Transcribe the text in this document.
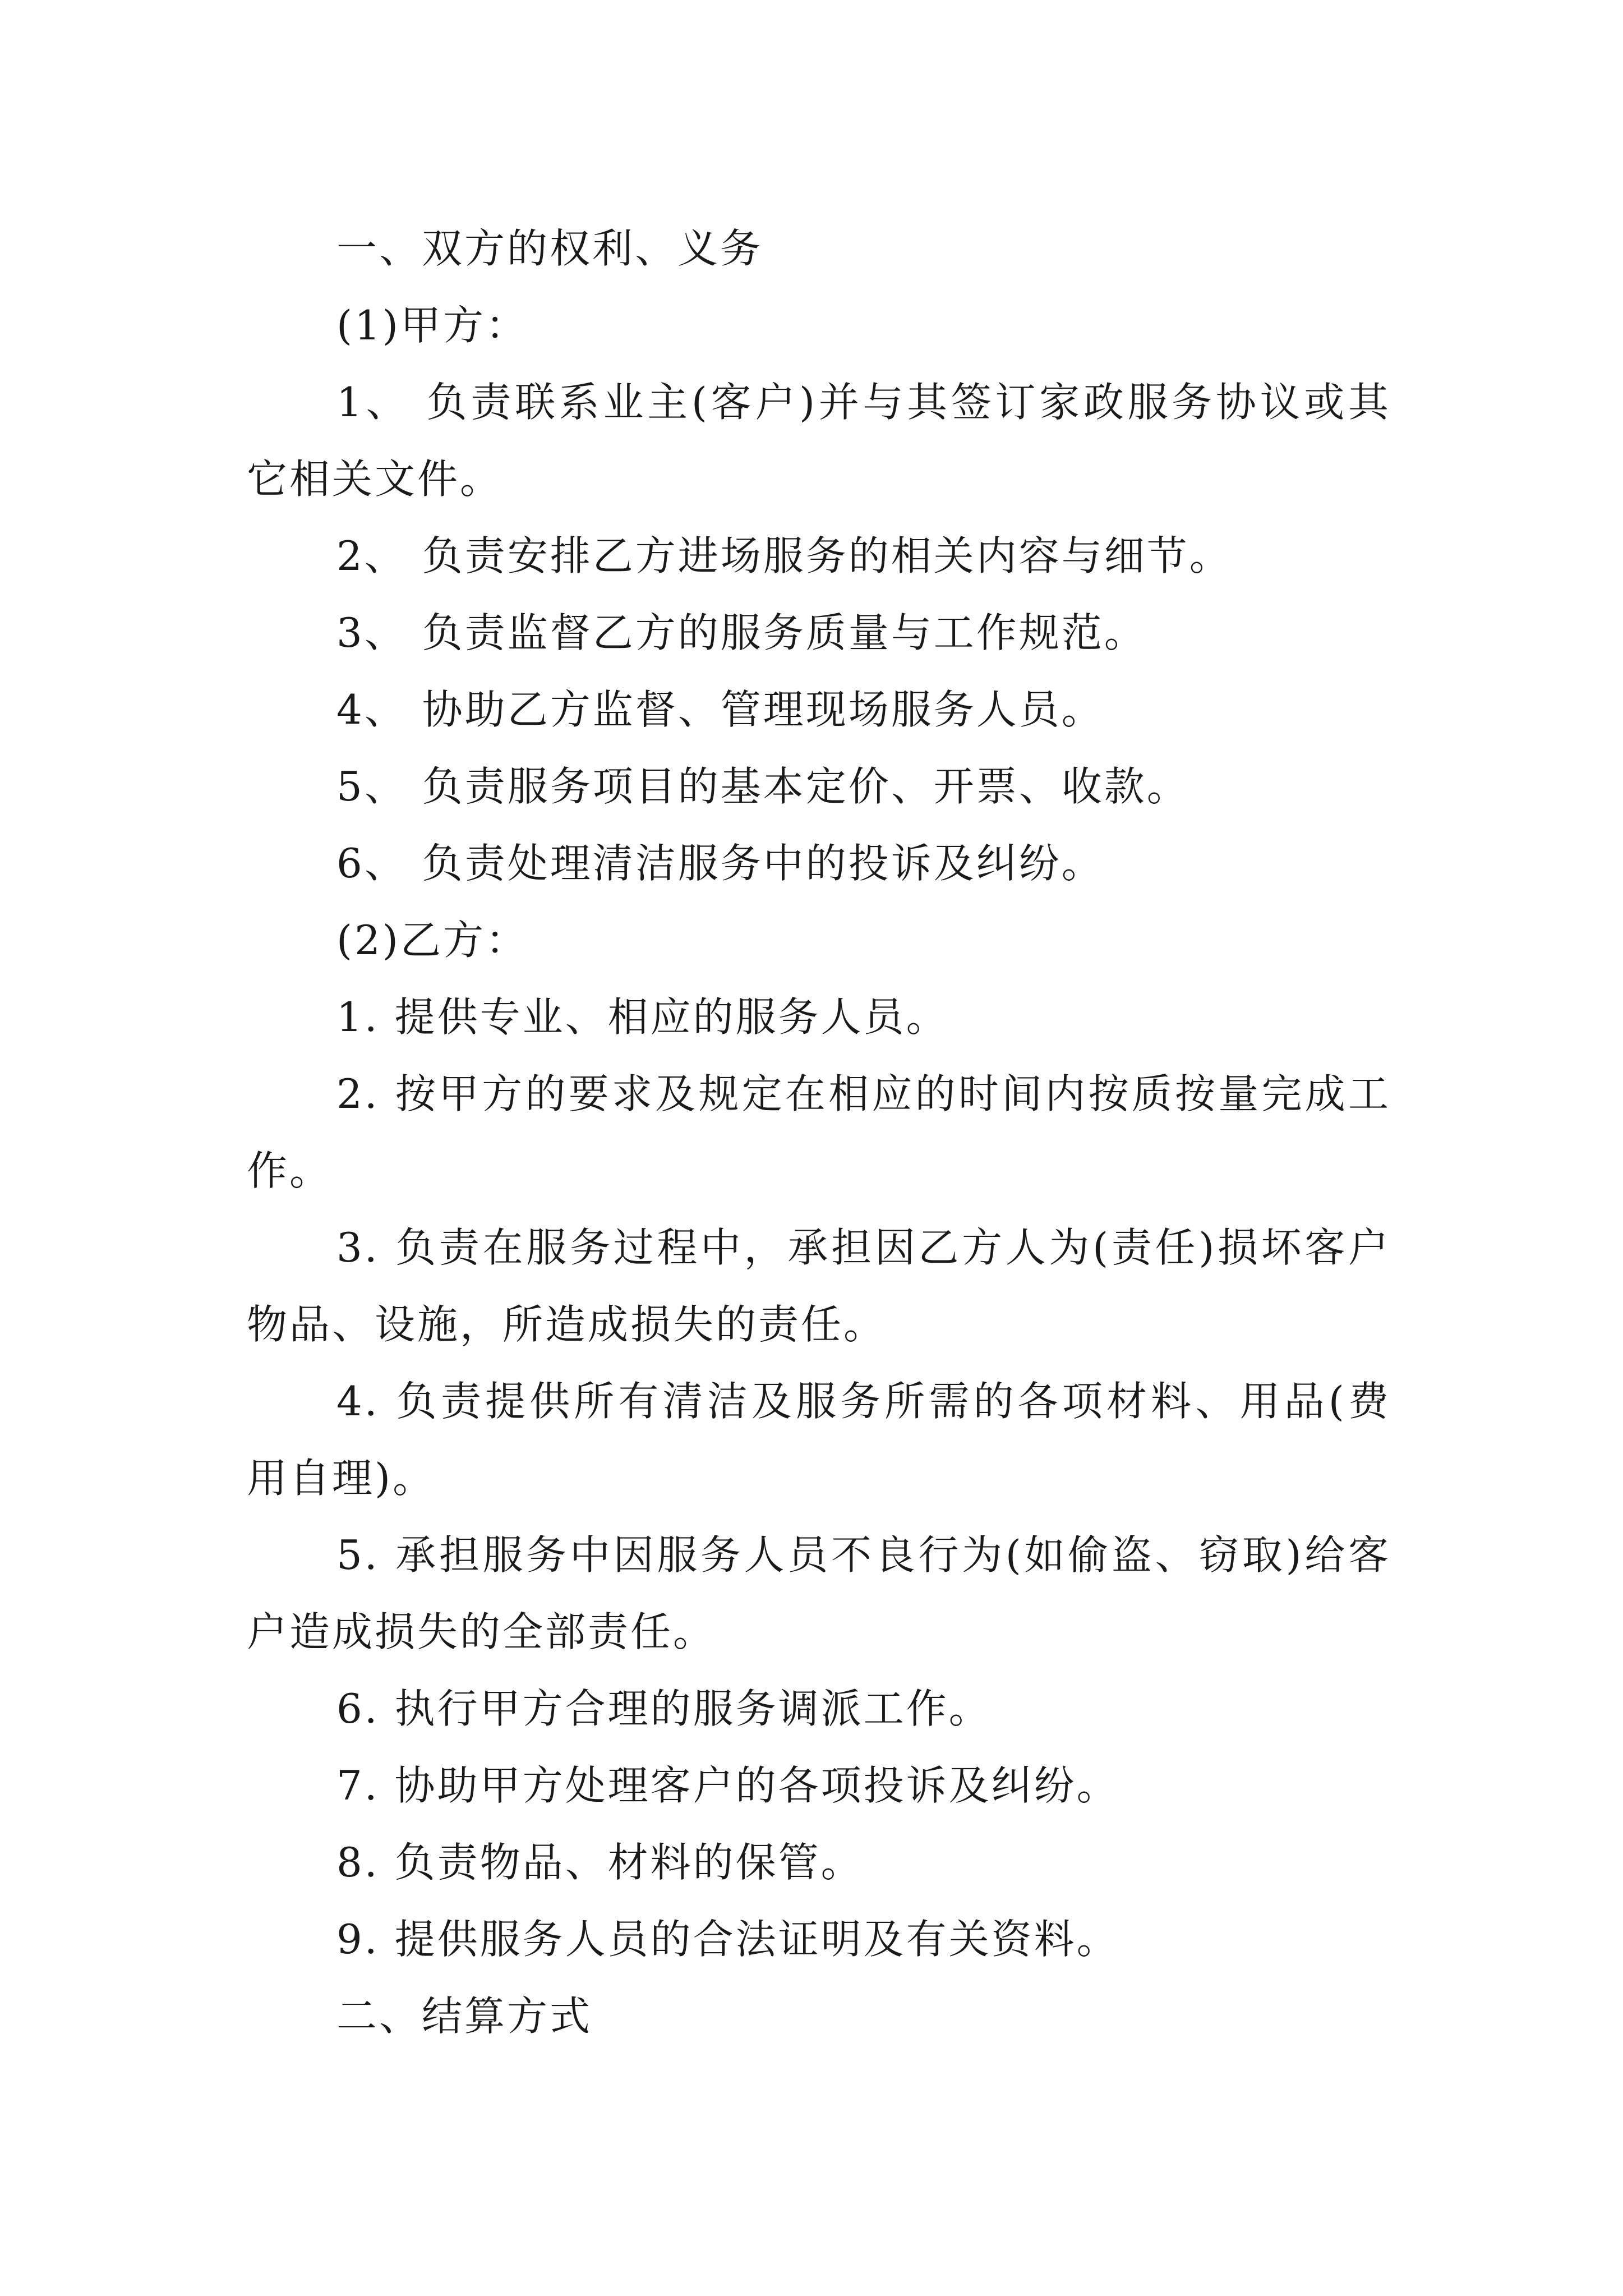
一、双方的权利、义务

(1)甲方：

1、 负责联系业主(客户)并与其签订家政服务协议或其它相关文件。

2、 负责安排乙方进场服务的相关内容与细节。

3、 负责监督乙方的服务质量与工作规范。

4、 协助乙方监督、管理现场服务人员。

5、 负责服务项目的基本定价、开票、收款。

6、 负责处理清洁服务中的投诉及纠纷。

(2)乙方：

1. 提供专业、相应的服务人员。

2. 按甲方的要求及规定在相应的时间内按质按量完成工作。

3. 负责在服务过程中，承担因乙方人为(责任)损坏客户物品、设施，所造成损失的责任。

4. 负责提供所有清洁及服务所需的各项材料、用品(费用自理)。

5. 承担服务中因服务人员不良行为(如偷盗、窃取)给客户造成损失的全部责任。

6. 执行甲方合理的服务调派工作。

7. 协助甲方处理客户的各项投诉及纠纷。

8. 负责物品、材料的保管。

9. 提供服务人员的合法证明及有关资料。

二、结算方式
